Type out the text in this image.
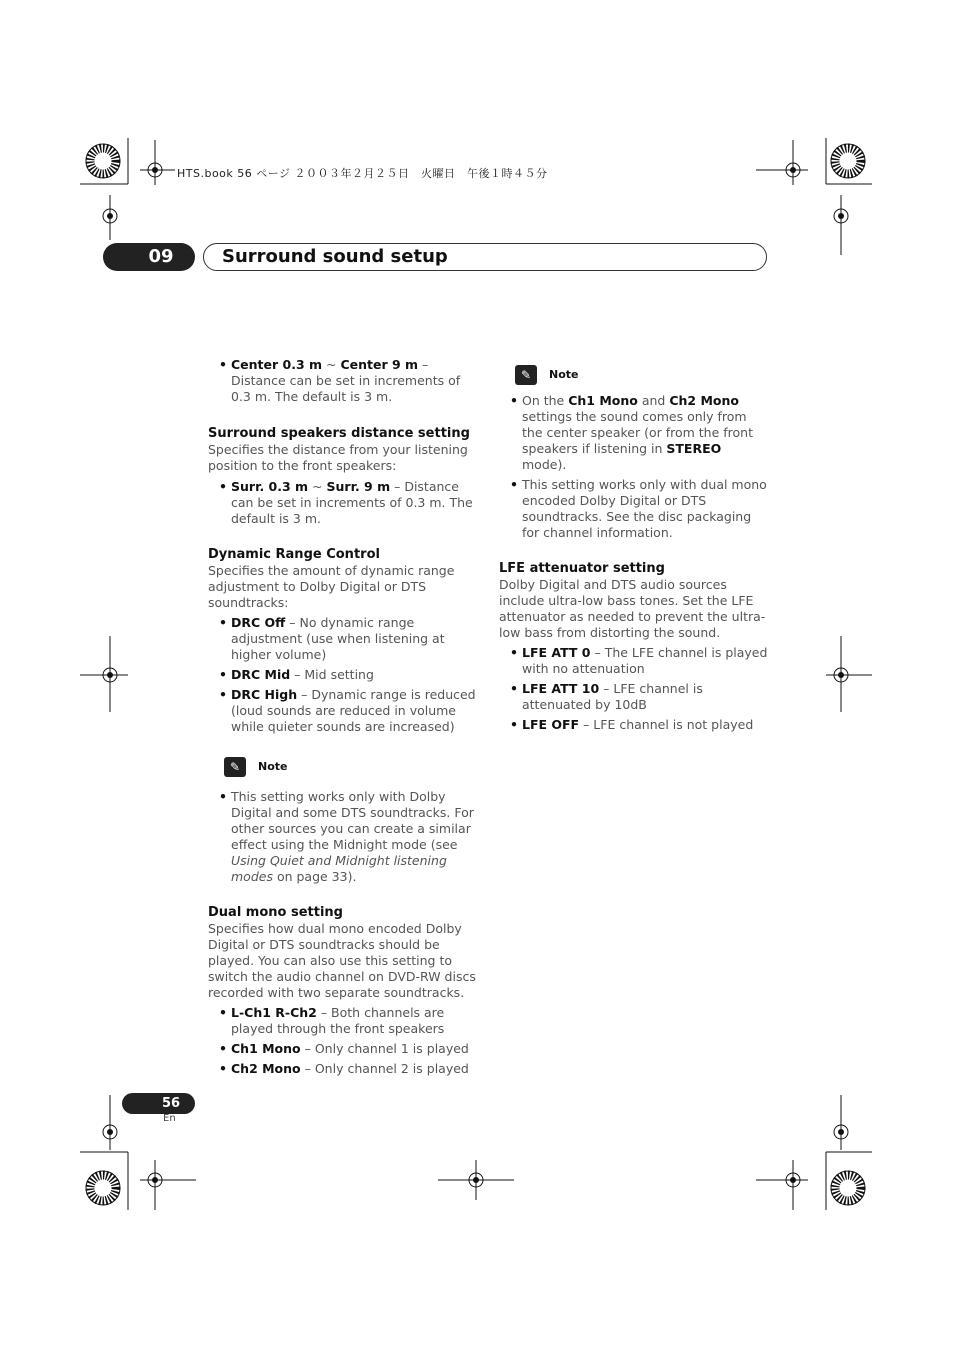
HTS.book 56 ページ ２００３年２月２５日　火曜日　午後１時４５分
09	Surround sound setup
• Center 0.3 m ~ Center 9 m – Distance can be set in increments of 0.3 m. The default is 3 m.
Surround speakers distance setting

Specifies the distance from your listening position to the front speakers:

• Surr. 0.3 m ~ Surr. 9 m – Distance can be set in increments of 0.3 m. The default is 3 m.
Dynamic Range Control

Specifies the amount of dynamic range adjustment to Dolby Digital or DTS soundtracks:

• DRC Off – No dynamic range adjustment (use when listening at higher volume)
• DRC Mid – Mid setting
• DRC High – Dynamic range is reduced (loud sounds are reduced in volume while quieter sounds are increased)
✎	Note
• This setting works only with Dolby Digital and some DTS soundtracks. For other sources you can create a similar effect using the Midnight mode (see Using Quiet and Midnight listening modes on page 33).
Dual mono setting

Specifies how dual mono encoded Dolby Digital or DTS soundtracks should be played. You can also use this setting to switch the audio channel on DVD-RW discs recorded with two separate soundtracks.

• L-Ch1 R-Ch2 – Both channels are played through the front speakers
• Ch1 Mono – Only channel 1 is played
• Ch2 Mono – Only channel 2 is played
✎	Note
• On the Ch1 Mono and Ch2 Mono settings the sound comes only from the center speaker (or from the front speakers if listening in STEREO mode).
• This setting works only with dual mono encoded Dolby Digital or DTS soundtracks. See the disc packaging for channel information.
LFE attenuator setting

Dolby Digital and DTS audio sources include ultra-low bass tones. Set the LFE attenuator as needed to prevent the ultra-low bass from distorting the sound.

• LFE ATT 0 – The LFE channel is played with no attenuation
• LFE ATT 10 – LFE channel is attenuated by 10dB
• LFE OFF – LFE channel is not played
56
En
